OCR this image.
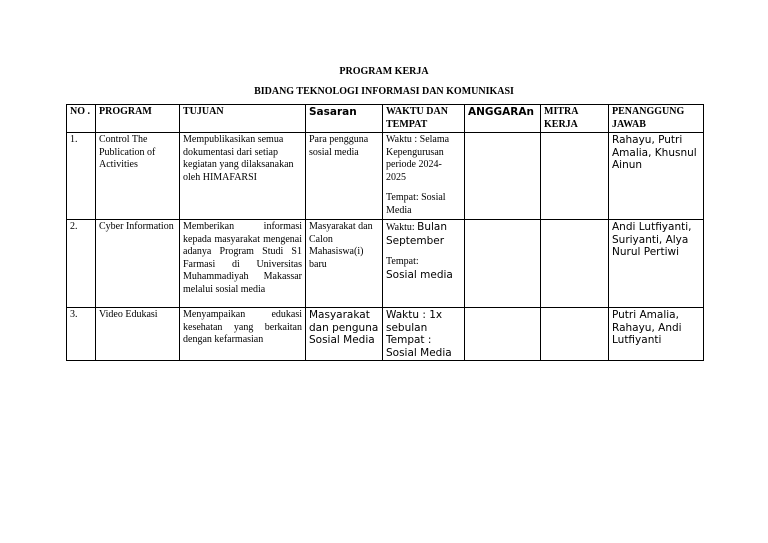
PROGRAM KERJA
BIDANG TEKNOLOGI INFORMASI DAN KOMUNIKASI
NO .	PROGRAM	TUJUAN	Sasaran	WAKTU DAN TEMPAT	ANGGARAn	MITRA KERJA	PENANGGUNG JAWAB
1.	Control The Publication of Activities	Mempublikasikan semua dokumentasi dari setiap kegiatan yang dilaksanakan oleh HIMAFARSI	Para pengguna sosial media	Waktu : Selama Kepengurusan periode 2024-2025
Tempat: Sosial Media			Rahayu, Putri Amalia, Khusnul Ainun
2.	Cyber Information	Memberikan informasi kepada masyarakat mengenai adanya Program Studi S1 Farmasi di Universitas Muhammadiyah Makassar melalui sosial media	Masyarakat dan Calon Mahasiswa(i) baru	Waktu: Bulan September
Tempat:
Sosial media			Andi Lutfiyanti, Suriyanti, Alya Nurul Pertiwi
3.	Video Edukasi	Menyampaikan edukasi kesehatan yang berkaitan dengan kefarmasian	Masyarakat dan penguna Sosial Media	Waktu : 1x sebulan
Tempat : Sosial Media			Putri Amalia, Rahayu, Andi Lutfiyanti
